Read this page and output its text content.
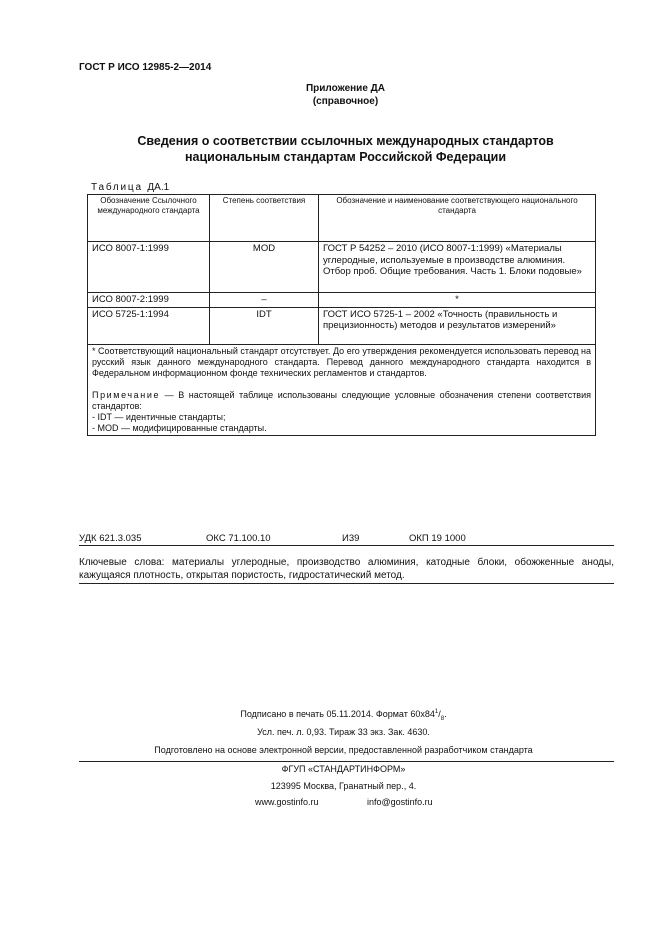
ГОСТ Р ИСО 12985-2—2014
Приложение ДА
(справочное)
Сведения о соответствии ссылочных международных стандартов
национальным стандартам Российской Федерации
Таблица ДА.1
Обозначение Ссылочного международного стандарта	Степень соответствия	Обозначение и наименование соответствующего национального стандарта
ИСО 8007-1:1999	MOD	ГОСТ Р 54252 – 2010 (ИСО 8007-1:1999) «Материалы углеродные, используемые в производстве алюминия. Отбор проб. Общие требования. Часть 1. Блоки подовые»
ИСО 8007-2:1999	–	*
ИСО 5725-1:1994	IDT	ГОСТ ИСО 5725-1 – 2002 «Точность (правильность и прецизионность) методов и результатов измерений»

* Соответствующий национальный стандарт отсутствует. До его утверждения рекомендуется использовать перевод на русский язык данного международного стандарта. Перевод данного международного стандарта находится в Федеральном информационном фонде технических регламентов и стандартов.

Примечание — В настоящей таблице использованы следующие условные обозначения степени соответствия стандартов:

- IDT — идентичные стандарты;

- MOD — модифицированные стандарты.		

УДК 621.3.035	ОКС 71.100.10	И39	ОКП 19 1000
Ключевые слова: материалы углеродные, производство алюминия, катодные блоки, обожженные аноды, кажущаяся плотность, открытая пористость, гидростатический метод.
Подписано в печать 05.11.2014. Формат $60x84^1/_8$.
Усл. печ. л. 0,93. Тираж 33 экз. Зак. 4630.
Подготовлено на основе электронной версии, предоставленной разработчиком стандарта
ФГУП «СТАНДАРТИНФОРМ»
123995 Москва, Гранатный пер., 4.
www.gostinfo.ru	info@gostinfo.ru
